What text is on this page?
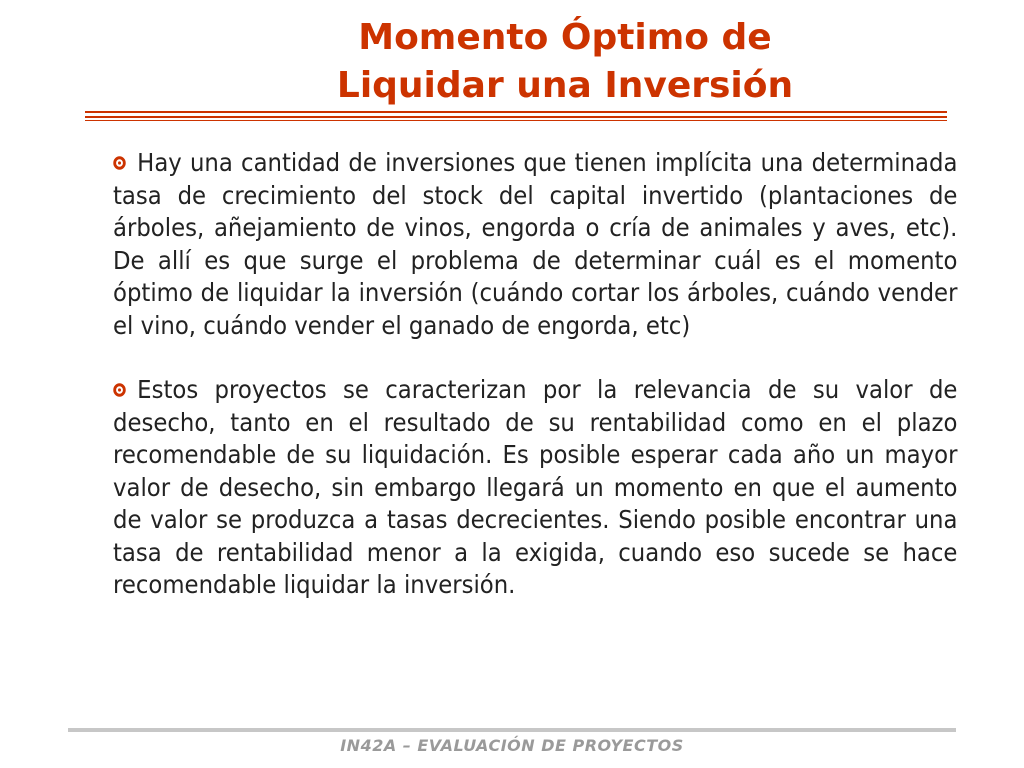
Momento Óptimo de
Liquidar una Inversión

Hay una cantidad de inversiones que tienen implícita una determinada tasa de crecimiento del stock del capital invertido (plantaciones de árboles, añejamiento de vinos, engorda o cría de animales y aves, etc). De allí es que surge el problema de determinar cuál es el momento óptimo de liquidar la inversión (cuándo cortar los árboles, cuándo vender el vino, cuándo vender el ganado de engorda, etc)

Estos proyectos se caracterizan por la relevancia de su valor de desecho, tanto en el resultado de su rentabilidad como en el plazo recomendable de su liquidación. Es posible esperar cada año un mayor valor de desecho, sin embargo llegará un momento en que el aumento de valor se produzca a tasas decrecientes. Siendo posible encontrar una tasa de rentabilidad menor a la exigida, cuando eso sucede se hace recomendable liquidar la inversión.

IN42A – EVALUACIÓN DE PROYECTOS
